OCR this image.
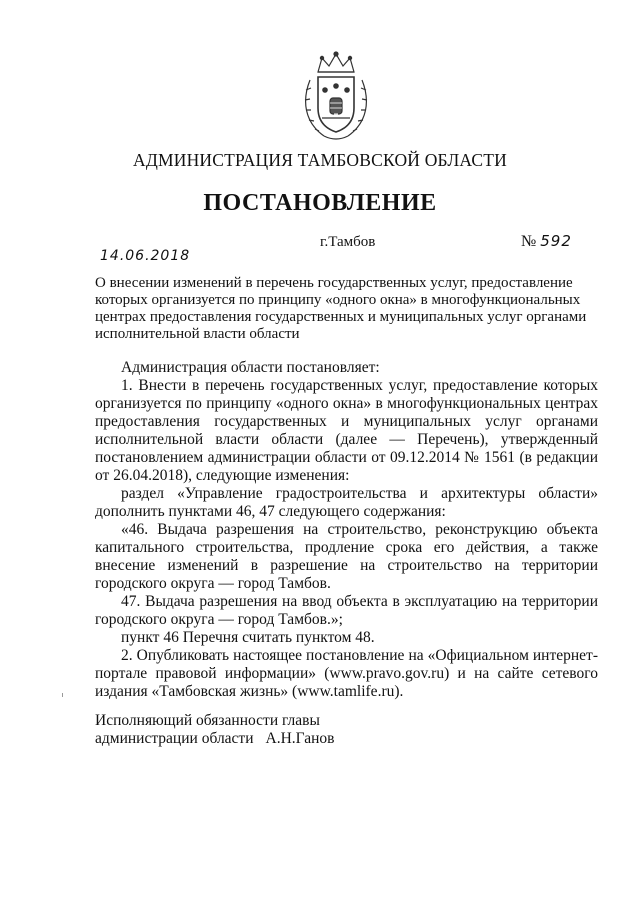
АДМИНИСТРАЦИЯ ТАМБОВСКОЙ ОБЛАСТИ
ПОСТАНОВЛЕНИЕ
14.06.2018
г.Тамбов	№ 592
О внесении изменений в перечень государственных услуг, предоставление которых организуется по принципу «одного окна» в многофункциональных центрах предоставления государственных и муниципальных услуг органами исполнительной власти области

Администрация области постановляет:

1. Внести в перечень государственных услуг, предоставление которых организуется по принципу «одного окна» в многофункциональных центрах предоставления государственных и муниципальных услуг органами исполнительной власти области (далее — Перечень), утвержденный постановлением администрации области от 09.12.2014 № 1561 (в редакции от 26.04.2018), следующие изменения:

раздел «Управление градостроительства и архитектуры области» дополнить пунктами 46, 47 следующего содержания:

«46. Выдача разрешения на строительство, реконструкцию объекта капитального строительства, продление срока его действия, а также внесение изменений в разрешение на строительство на территории городского округа — город Тамбов.

47. Выдача разрешения на ввод объекта в эксплуатацию на территории городского округа — город Тамбов.»;

пункт 46 Перечня считать пунктом 48.

2. Опубликовать настоящее постановление на «Официальном интернет-портале правовой информации» (www.pravo.gov.ru) и на сайте сетевого издания «Тамбовская жизнь» (www.tamlife.ru).

Исполняющий обязанности главы
администрации области А.Н.Ганов
